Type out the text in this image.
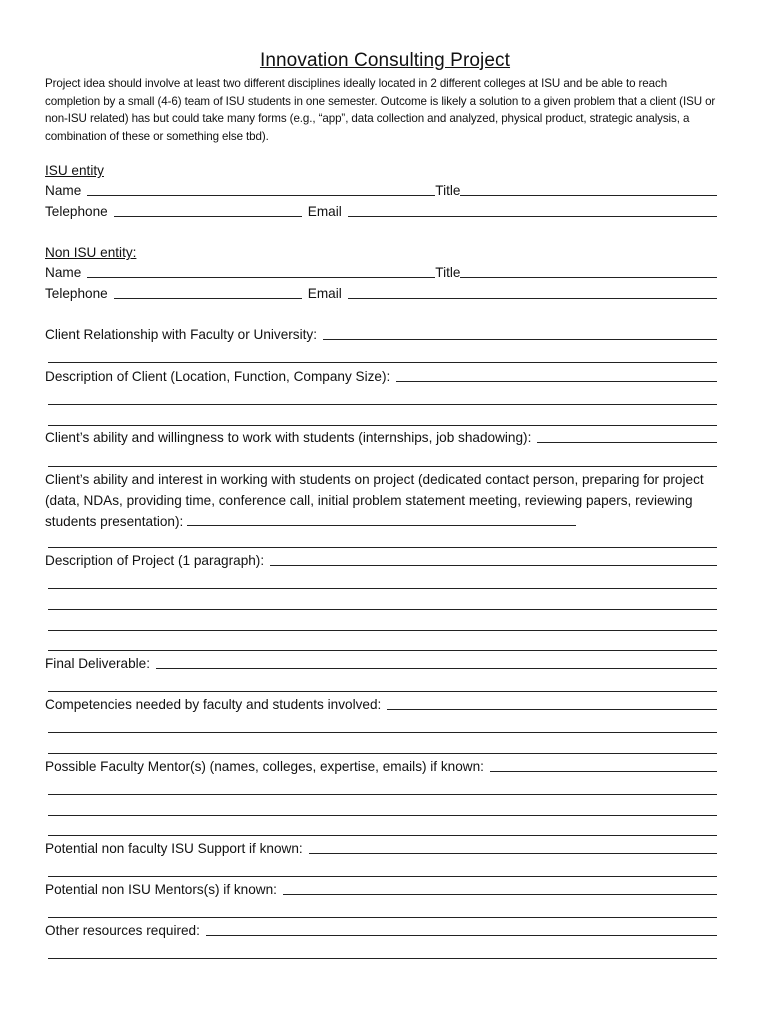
Innovation Consulting Project
Project idea should involve at least two different disciplines ideally located in 2 different colleges at ISU and be able to reach completion by a small (4-6) team of ISU students in one semester. Outcome is likely a solution to a given problem that a client (ISU or non-ISU related) has but could take many forms (e.g., “app”, data collection and analyzed, physical product, strategic analysis, a combination of these or something else tbd).
ISU entity
Name	Title
Telephone	Email
Non ISU entity:
Name	Title
Telephone	Email
Client Relationship with Faculty or University:
Description of Client (Location, Function, Company Size):
Client’s ability and willingness to work with students (internships, job shadowing):
Client’s ability and interest in working with students on project (dedicated contact person, preparing for project (data, NDAs, providing time, conference call, initial problem statement meeting, reviewing papers, reviewing students presentation):
Description of Project (1 paragraph):
Final Deliverable:
Competencies needed by faculty and students involved:
Possible Faculty Mentor(s) (names, colleges, expertise, emails) if known:
Potential non faculty ISU Support if known:
Potential non ISU Mentors(s) if known:
Other resources required:
